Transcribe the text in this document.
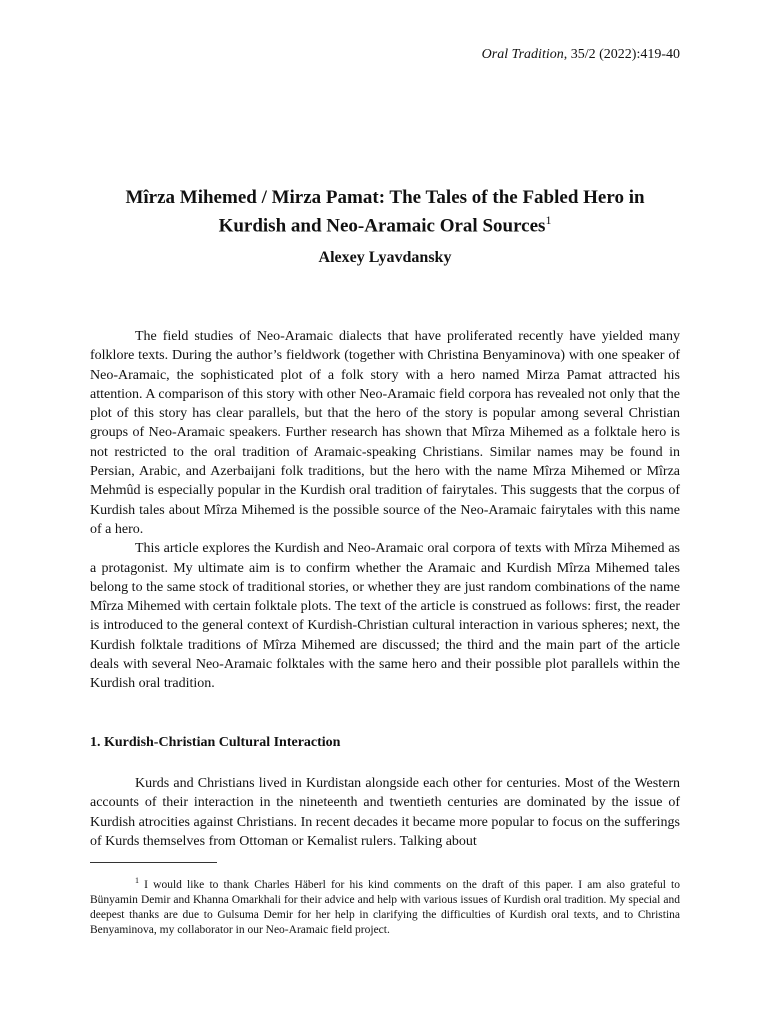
Oral Tradition, 35/2 (2022):419-40
Mîrza Mihemed / Mirza Pamat: The Tales of the Fabled Hero in
Kurdish and Neo-Aramaic Oral Sources$^1$
Alexey Lyavdansky

The field studies of Neo-Aramaic dialects that have proliferated recently have yielded many folklore texts. During the author’s fieldwork (together with Christina Benyaminova) with one speaker of Neo-Aramaic, the sophisticated plot of a folk story with a hero named Mirza Pamat attracted his attention. A comparison of this story with other Neo-Aramaic field corpora has revealed not only that the plot of this story has clear parallels, but that the hero of the story is popular among several Christian groups of Neo-Aramaic speakers. Further research has shown that Mîrza Mihemed as a folktale hero is not restricted to the oral tradition of Aramaic-speaking Christians. Similar names may be found in Persian, Arabic, and Azerbaijani folk traditions, but the hero with the name Mîrza Mihemed or Mîrza Mehmûd is especially popular in the Kurdish oral tradition of fairytales. This suggests that the corpus of Kurdish tales about Mîrza Mihemed is the possible source of the Neo-Aramaic fairytales with this name of a hero.

This article explores the Kurdish and Neo-Aramaic oral corpora of texts with Mîrza Mihemed as a protagonist. My ultimate aim is to confirm whether the Aramaic and Kurdish Mîrza Mihemed tales belong to the same stock of traditional stories, or whether they are just random combinations of the name Mîrza Mihemed with certain folktale plots. The text of the article is construed as follows: first, the reader is introduced to the general context of Kurdish-Christian cultural interaction in various spheres; next, the Kurdish folktale traditions of Mîrza Mihemed are discussed; the third and the main part of the article deals with several Neo-Aramaic folktales with the same hero and their possible plot parallels within the Kurdish oral tradition.

1. Kurdish-Christian Cultural Interaction

Kurds and Christians lived in Kurdistan alongside each other for centuries. Most of the Western accounts of their interaction in the nineteenth and twentieth centuries are dominated by the issue of Kurdish atrocities against Christians. In recent decades it became more popular to focus on the sufferings of Kurds themselves from Ottoman or Kemalist rulers. Talking about

$^1$ I would like to thank Charles Häberl for his kind comments on the draft of this paper. I am also grateful to Bünyamin Demir and Khanna Omarkhali for their advice and help with various issues of Kurdish oral tradition. My special and deepest thanks are due to Gulsuma Demir for her help in clarifying the difficulties of Kurdish oral texts, and to Christina Benyaminova, my collaborator in our Neo-Aramaic field project.
